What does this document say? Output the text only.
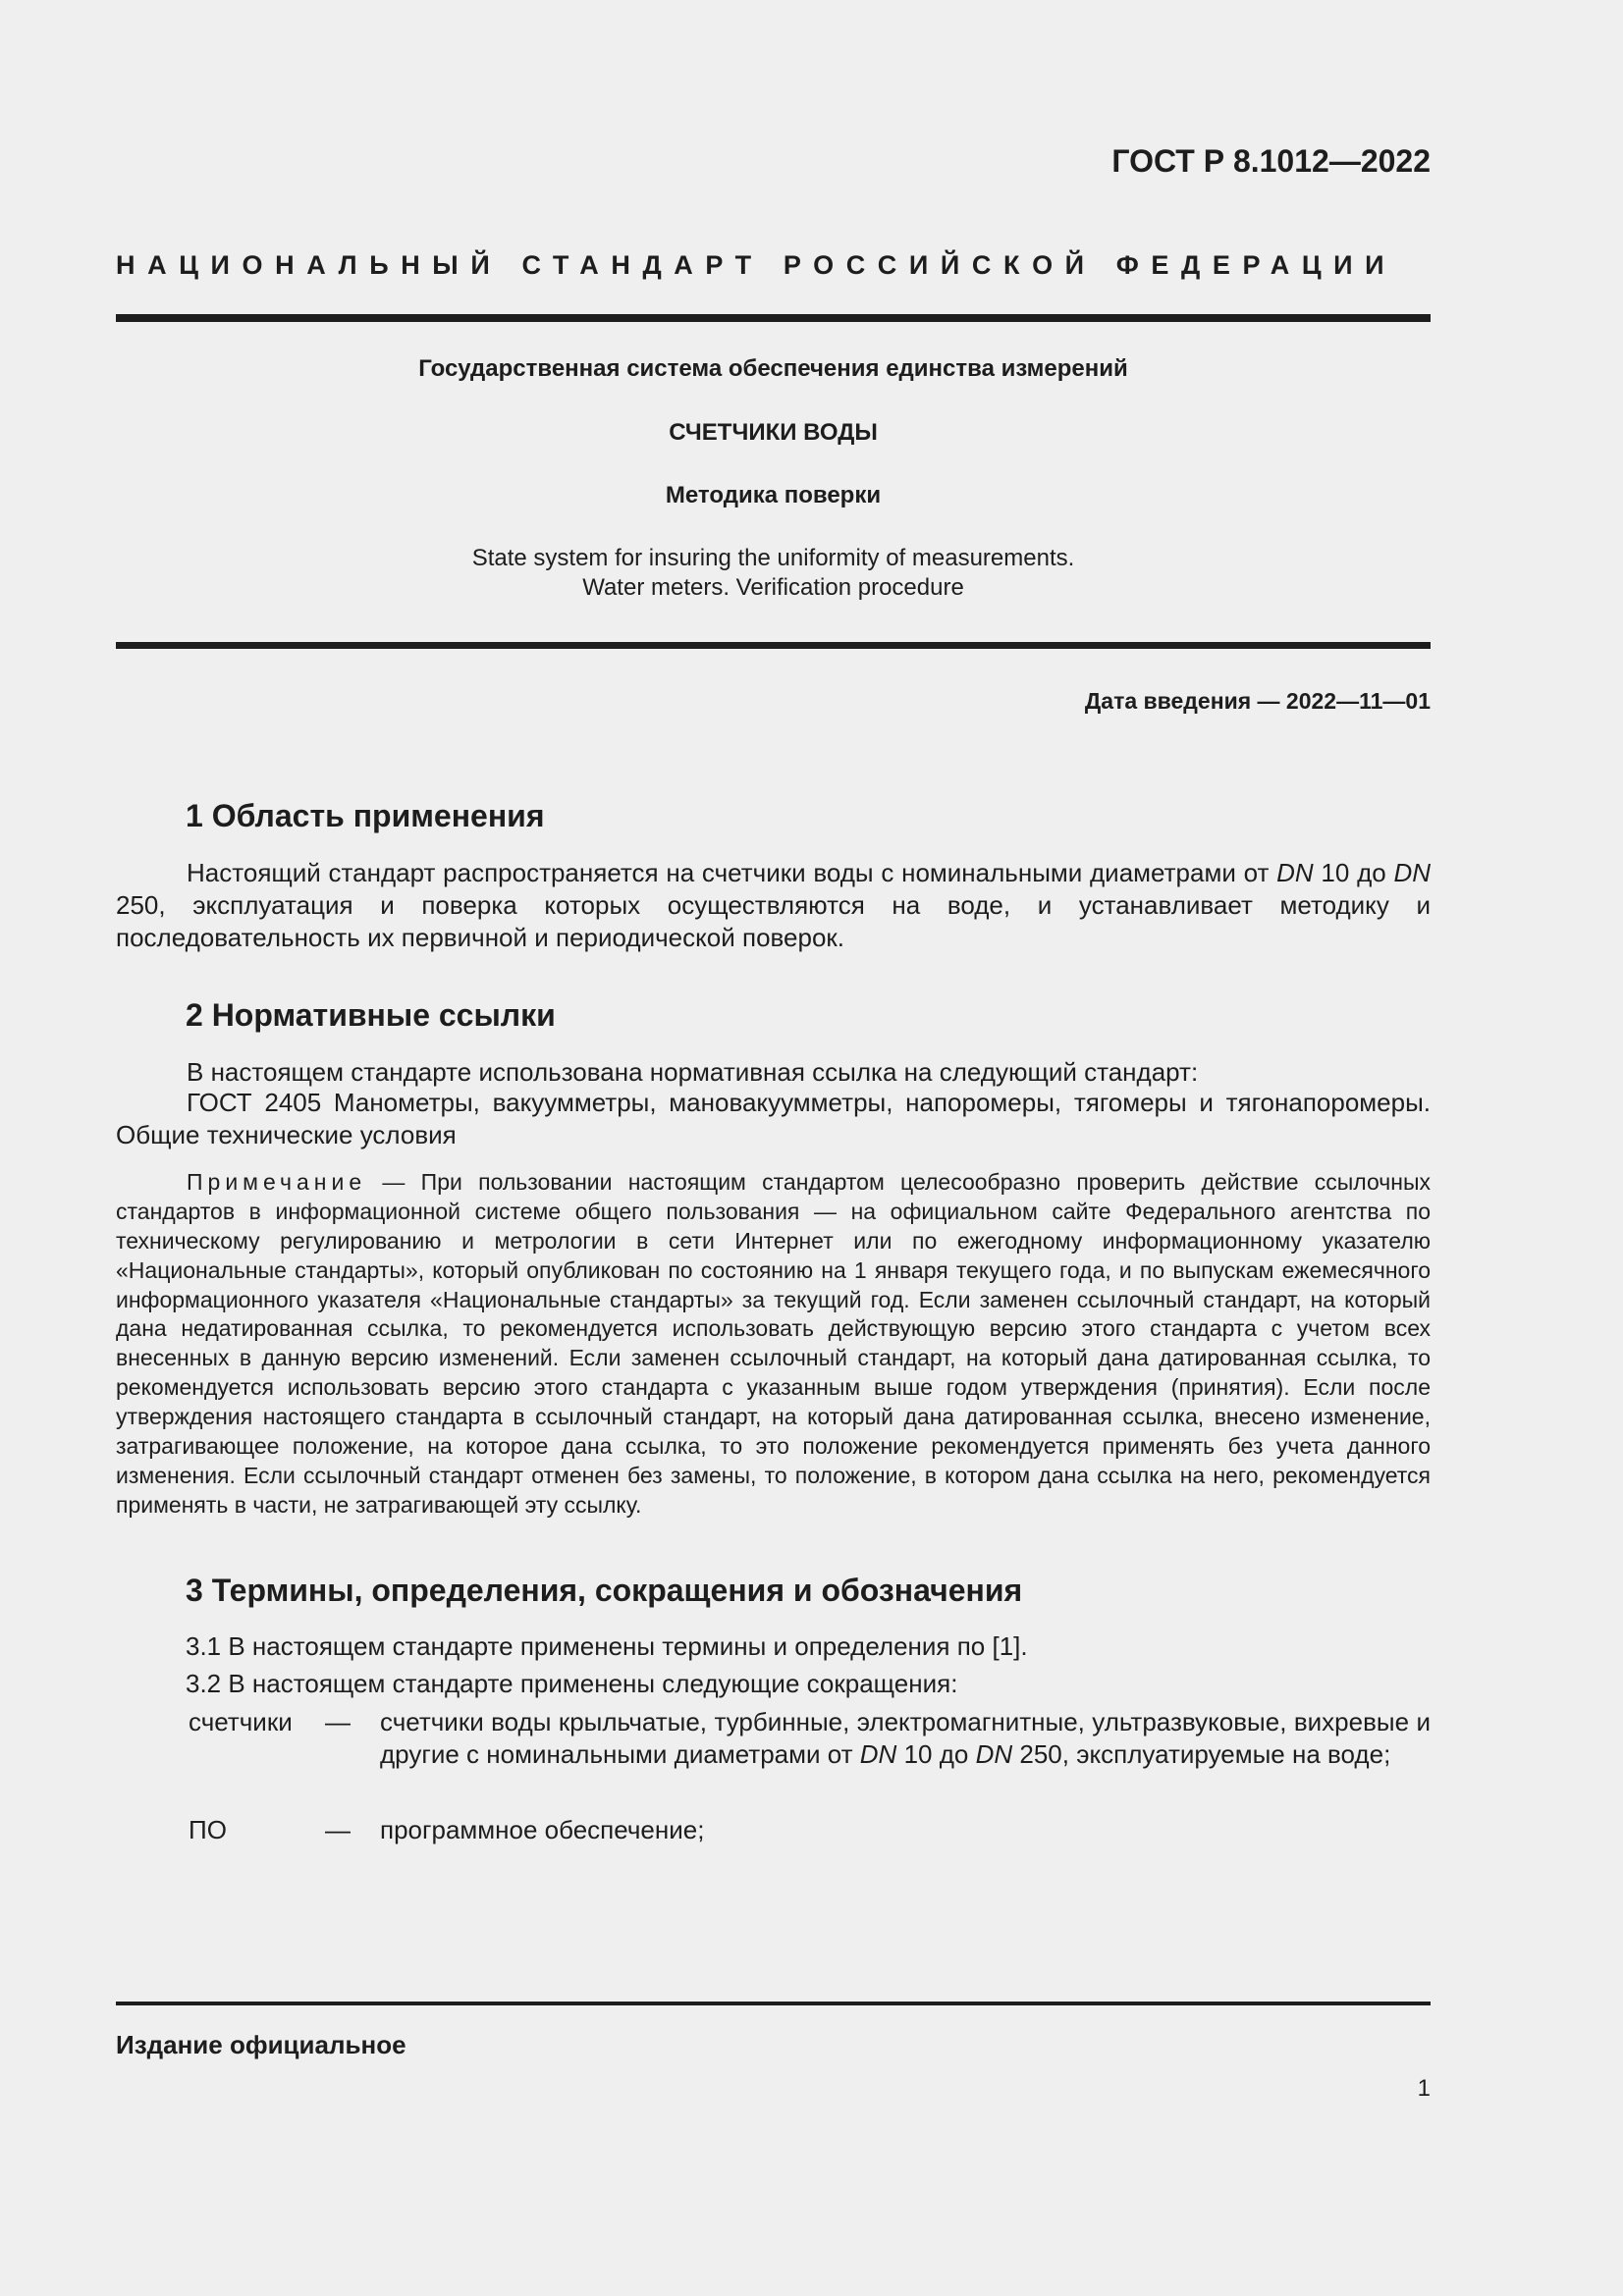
ГОСТ Р 8.1012—2022
НАЦИОНАЛЬНЫЙ СТАНДАРТ РОССИЙСКОЙ ФЕДЕРАЦИИ
Государственная система обеспечения единства измерений
СЧЕТЧИКИ ВОДЫ
Методика поверки
State system for insuring the uniformity of measurements.
Water meters. Verification procedure
Дата введения — 2022—11—01
1 Область применения
Настоящий стандарт распространяется на счетчики воды с номинальными диаметрами от DN 10 до DN 250, эксплуатация и поверка которых осуществляются на воде, и устанавливает методику и последовательность их первичной и периодической поверок.
2 Нормативные ссылки
В настоящем стандарте использована нормативная ссылка на следующий стандарт:
ГОСТ 2405 Манометры, вакуумметры, мановакуумметры, напоромеры, тягомеры и тягонапоромеры. Общие технические условия
Примечание — При пользовании настоящим стандартом целесообразно проверить действие ссылочных стандартов в информационной системе общего пользования — на официальном сайте Федерального агентства по техническому регулированию и метрологии в сети Интернет или по ежегодному информационному указателю «Национальные стандарты», который опубликован по состоянию на 1 января текущего года, и по выпускам ежемесячного информационного указателя «Национальные стандарты» за текущий год. Если заменен ссылочный стандарт, на который дана недатированная ссылка, то рекомендуется использовать действующую версию этого стандарта с учетом всех внесенных в данную версию изменений. Если заменен ссылочный стандарт, на который дана датированная ссылка, то рекомендуется использовать версию этого стандарта с указанным выше годом утверждения (принятия). Если после утверждения настоящего стандарта в ссылочный стандарт, на который дана датированная ссылка, внесено изменение, затрагивающее положение, на которое дана ссылка, то это положение рекомендуется применять без учета данного изменения. Если ссылочный стандарт отменен без замены, то положение, в котором дана ссылка на него, рекомендуется применять в части, не затрагивающей эту ссылку.
3 Термины, определения, сокращения и обозначения
3.1 В настоящем стандарте применены термины и определения по [1].
3.2 В настоящем стандарте применены следующие сокращения:
счетчики — счетчики воды крыльчатые, турбинные, электромагнитные, ультразвуковые, вихревые и другие с номинальными диаметрами от DN 10 до DN 250, эксплуатируемые на воде;
ПО	— программное обеспечение;
Издание официальное
1
